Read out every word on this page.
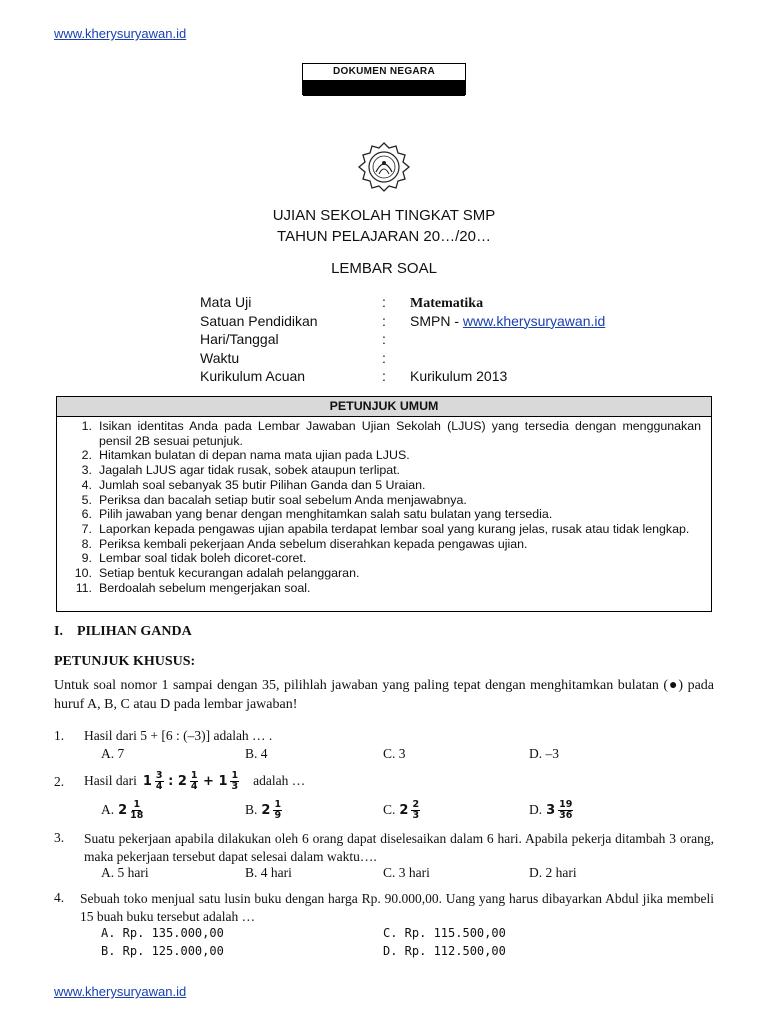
www.kherysuryawan.id
DOKUMEN NEGARA
UJIAN SEKOLAH TINGKAT SMP
TAHUN PELAJARAN 20…/20…
LEMBAR SOAL
Mata Uji	:	Matematika
Satuan Pendidikan	:	SMPN - www.kherysuryawan.id
Hari/Tanggal	:
Waktu	:
Kurikulum Acuan	:	Kurikulum 2013
PETUNJUK UMUM
1. Isikan identitas Anda pada Lembar Jawaban Ujian Sekolah (LJUS) yang tersedia dengan menggunakan pensil 2B sesuai petunjuk.
2. Hitamkan bulatan di depan nama mata ujian pada LJUS.
3. Jagalah LJUS agar tidak rusak, sobek ataupun terlipat.
4. Jumlah soal sebanyak 35 butir Pilihan Ganda dan 5 Uraian.
5. Periksa dan bacalah setiap butir soal sebelum Anda menjawabnya.
6. Pilih jawaban yang benar dengan menghitamkan salah satu bulatan yang tersedia.
7. Laporkan kepada pengawas ujian apabila terdapat lembar soal yang kurang jelas, rusak atau tidak lengkap.
8. Periksa kembali pekerjaan Anda sebelum diserahkan kepada pengawas ujian.
9. Lembar soal tidak boleh dicoret-coret.
10. Setiap bentuk kecurangan adalah pelanggaran.
11. Berdoalah sebelum mengerjakan soal.
I.    PILIHAN GANDA
PETUNJUK KHUSUS:
Untuk soal nomor 1 sampai dengan 35, pilihlah jawaban yang paling tepat dengan menghitamkan bulatan (●) pada huruf A, B, C atau D pada lembar jawaban!
1. Hasil dari 5 + [6 : (–3)] adalah … .
A. 7	B. 4	C. 3	D. –3
2. Hasil dari $1 \frac{3}{4}$ : $2 \frac{1}{4} + 1 \frac{1}{3}$ adalah …
A. $2 \frac{1}{18}$	B. $2 \frac{1}{9}$	C. $2 \frac{2}{3}$	D. $3 \frac{19}{36}$
3. Suatu pekerjaan apabila dilakukan oleh 6 orang dapat diselesaikan dalam 6 hari. Apabila pekerja ditambah 3 orang, maka pekerjaan tersebut dapat selesai dalam waktu….
A. 5 hari	B. 4 hari	C. 3 hari	D. 2 hari
4. Sebuah toko menjual satu lusin buku dengan harga Rp. 90.000,00. Uang yang harus dibayarkan Abdul jika membeli 15 buah buku tersebut adalah …
A. Rp. 135.000,00
B. Rp. 125.000,00
C. Rp. 115.500,00
D. Rp. 112.500,00
www.kherysuryawan.id
